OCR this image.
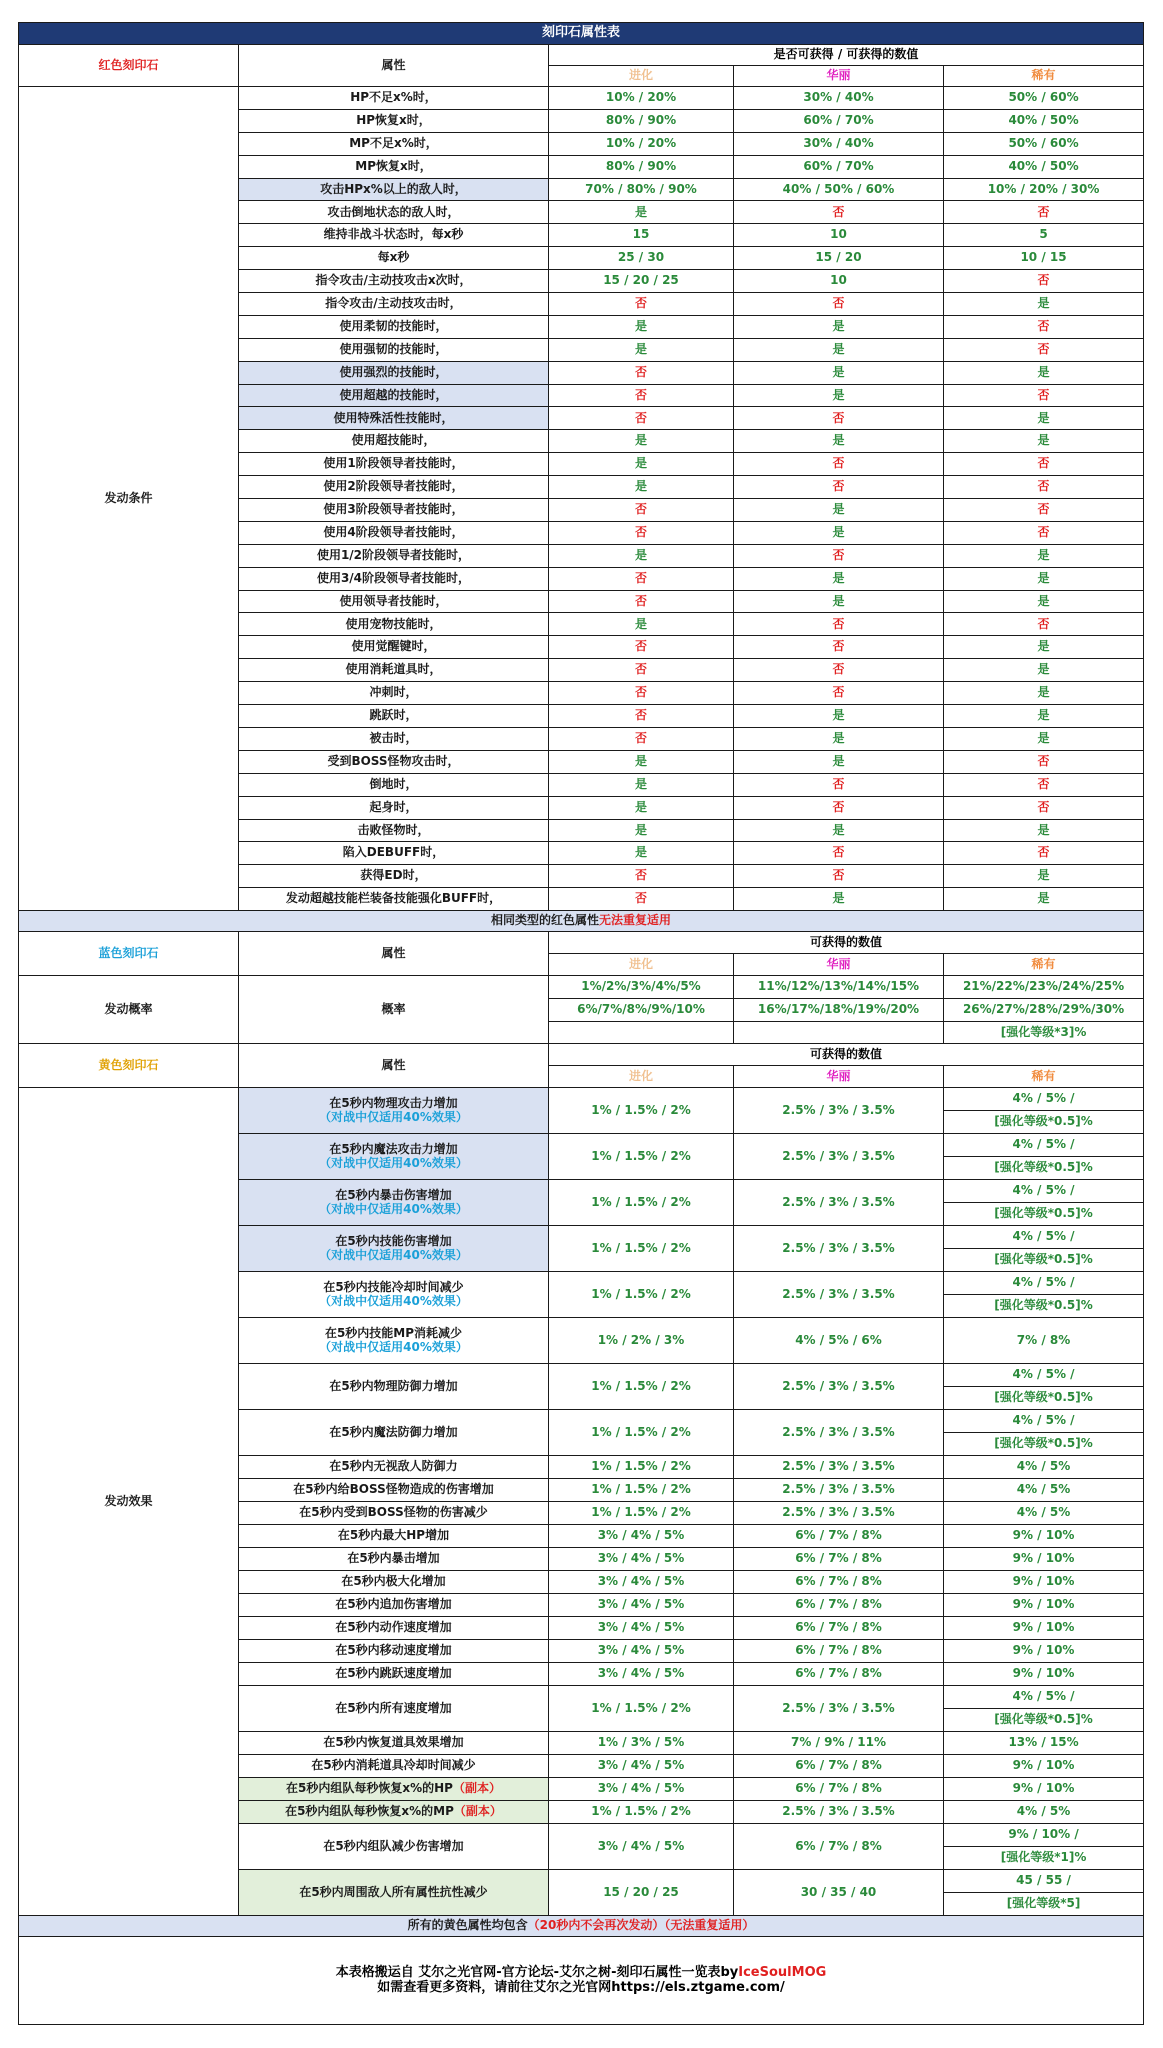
刻印石属性表				
红色刻印石	属性	是否可获得 / 可获得的数值		
		进化	华丽	稀有
发动条件	HP不足x%时，	10% / 20%	30% / 40%	50% / 60%
	HP恢复x时，	80% / 90%	60% / 70%	40% / 50%
	MP不足x%时，	10% / 20%	30% / 40%	50% / 60%
	MP恢复x时，	80% / 90%	60% / 70%	40% / 50%
	攻击HPx%以上的敌人时，	70% / 80% / 90%	40% / 50% / 60%	10% / 20% / 30%
	攻击倒地状态的敌人时，	是	否	否
	维持非战斗状态时，每x秒	15	10	5
	每x秒	25 / 30	15 / 20	10 / 15
	指令攻击/主动技攻击x次时，	15 / 20 / 25	10	否
	指令攻击/主动技攻击时，	否	否	是
	使用柔韧的技能时，	是	是	否
	使用强韧的技能时，	是	是	否
	使用强烈的技能时，	否	是	是
	使用超越的技能时，	否	是	否
	使用特殊活性技能时，	否	否	是
	使用超技能时，	是	是	是
	使用1阶段领导者技能时，	是	否	否
	使用2阶段领导者技能时，	是	否	否
	使用3阶段领导者技能时，	否	是	否
	使用4阶段领导者技能时，	否	是	否
	使用1/2阶段领导者技能时，	是	否	是
	使用3/4阶段领导者技能时，	否	是	是
	使用领导者技能时，	否	是	是
	使用宠物技能时，	是	否	否
	使用觉醒键时，	否	否	是
	使用消耗道具时，	否	否	是
	冲刺时，	否	否	是
	跳跃时，	否	是	是
	被击时，	否	是	是
	受到BOSS怪物攻击时，	是	是	否
	倒地时，	是	否	否
	起身时，	是	否	否
	击败怪物时，	是	是	是
	陷入DEBUFF时，	是	否	否
	获得ED时，	否	否	是
	发动超越技能栏装备技能强化BUFF时，	否	是	是
相同类型的红色属性无法重复适用				
蓝色刻印石	属性	可获得的数值		
		进化	华丽	稀有
发动概率	概率	1%/2%/3%/4%/5%	11%/12%/13%/14%/15%	21%/22%/23%/24%/25%
		6%/7%/8%/9%/10%	16%/17%/18%/19%/20%	26%/27%/28%/29%/30%
				[强化等级*3]%
黄色刻印石	属性	可获得的数值		
		进化	华丽	稀有
发动效果	在5秒内物理攻击力增加
（对战中仅适用40%效果）	1% / 1.5% / 2%	2.5% / 3% / 3.5%	4% / 5% /
				[强化等级*0.5]%
	在5秒内魔法攻击力增加
（对战中仅适用40%效果）	1% / 1.5% / 2%	2.5% / 3% / 3.5%	4% / 5% /
				[强化等级*0.5]%
	在5秒内暴击伤害增加
（对战中仅适用40%效果）	1% / 1.5% / 2%	2.5% / 3% / 3.5%	4% / 5% /
				[强化等级*0.5]%
	在5秒内技能伤害增加
（对战中仅适用40%效果）	1% / 1.5% / 2%	2.5% / 3% / 3.5%	4% / 5% /
				[强化等级*0.5]%
	在5秒内技能冷却时间减少
（对战中仅适用40%效果）	1% / 1.5% / 2%	2.5% / 3% / 3.5%	4% / 5% /
				[强化等级*0.5]%
	在5秒内技能MP消耗减少
（对战中仅适用40%效果）	1% / 2% / 3%	4% / 5% / 6%	7% / 8%
	在5秒内物理防御力增加	1% / 1.5% / 2%	2.5% / 3% / 3.5%	4% / 5% /
				[强化等级*0.5]%
	在5秒内魔法防御力增加	1% / 1.5% / 2%	2.5% / 3% / 3.5%	4% / 5% /
				[强化等级*0.5]%
	在5秒内无视敌人防御力	1% / 1.5% / 2%	2.5% / 3% / 3.5%	4% / 5%
	在5秒内给BOSS怪物造成的伤害增加	1% / 1.5% / 2%	2.5% / 3% / 3.5%	4% / 5%
	在5秒内受到BOSS怪物的伤害减少	1% / 1.5% / 2%	2.5% / 3% / 3.5%	4% / 5%
	在5秒内最大HP增加	3% / 4% / 5%	6% / 7% / 8%	9% / 10%
	在5秒内暴击增加	3% / 4% / 5%	6% / 7% / 8%	9% / 10%
	在5秒内极大化增加	3% / 4% / 5%	6% / 7% / 8%	9% / 10%
	在5秒内追加伤害增加	3% / 4% / 5%	6% / 7% / 8%	9% / 10%
	在5秒内动作速度增加	3% / 4% / 5%	6% / 7% / 8%	9% / 10%
	在5秒内移动速度增加	3% / 4% / 5%	6% / 7% / 8%	9% / 10%
	在5秒内跳跃速度增加	3% / 4% / 5%	6% / 7% / 8%	9% / 10%
	在5秒内所有速度增加	1% / 1.5% / 2%	2.5% / 3% / 3.5%	4% / 5% /
				[强化等级*0.5]%
	在5秒内恢复道具效果增加	1% / 3% / 5%	7% / 9% / 11%	13% / 15%
	在5秒内消耗道具冷却时间减少	3% / 4% / 5%	6% / 7% / 8%	9% / 10%
	在5秒内组队每秒恢复x%的HP（副本）	3% / 4% / 5%	6% / 7% / 8%	9% / 10%
	在5秒内组队每秒恢复x%的MP（副本）	1% / 1.5% / 2%	2.5% / 3% / 3.5%	4% / 5%
	在5秒内组队减少伤害增加	3% / 4% / 5%	6% / 7% / 8%	9% / 10% /
				[强化等级*1]%
	在5秒内周围敌人所有属性抗性减少	15 / 20 / 25	30 / 35 / 40	45 / 55 /
				[强化等级*5]
所有的黄色属性均包含（20秒内不会再次发动）（无法重复适用）				

本表格搬运自 艾尔之光官网-官方论坛-艾尔之树-刻印石属性一览表byIceSoulMOG
如需查看更多资料，请前往艾尔之光官网https://els.ztgame.com/				
